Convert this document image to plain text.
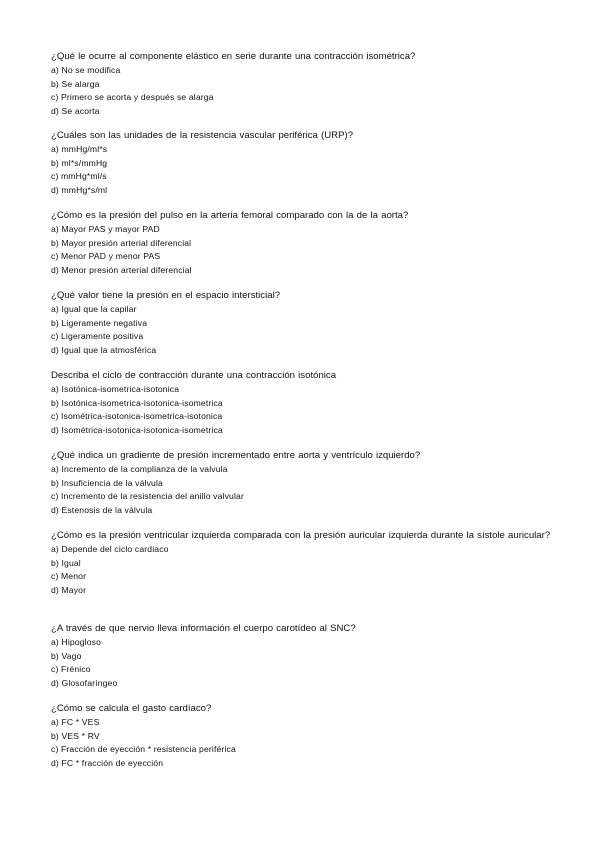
¿Qué le ocurre al componente elástico en serie durante una contracción isométrica?

a) No se modifica
b) Se alarga
c) Primero se acorta y después se alarga
d) Se acorta

¿Cuáles son las unidades de la resistencia vascular periférica (URP)?

a) mmHg/ml*s
b) ml*s/mmHg
c) mmHg*ml/s
d) mmHg*s/ml

¿Cómo es la presión del pulso en la arteria femoral comparado con la de la aorta?

a) Mayor PAS y mayor PAD
b) Mayor presión arterial diferencial
c) Menor PAD y menor PAS
d) Menor presión arterial diferencial

¿Qué valor tiene la presión en el espacio intersticial?

a) Igual que la capilar
b) Ligeramente negativa
c) Ligeramente positiva
d) Igual que la atmosférica

Describa el ciclo de contracción durante una contracción isotónica

a) Isotónica-isometrica-isotonica
b) Isotónica-isometrica-isotonica-isometrica
c) Isométrica-isotonica-isometrica-isotonica
d) Isométrica-isotonica-isotonica-isometrica

¿Qué indica un gradiente de presión incrementado entre aorta y ventrículo izquierdo?

a) Incremento de la complianza de la valvula
b) Insuficiencia de la válvula
c) Incremento de la resistencia del anillo valvular
d) Estenosis de la válvula

¿Cómo es la presión ventricular izquierda comparada con la presión auricular izquierda durante la sístole auricular?

a) Depende del ciclo cardiaco
b) Igual
c) Menor
d) Mayor

¿A través de que nervio lleva información el cuerpo carotídeo al SNC?

a) Hipogloso
b) Vago
c) Frénico
d) Glosofaríngeo

¿Cómo se calcula el gasto cardíaco?

a) FC * VES
b) VES * RV
c) Fracción de eyección * resistencia periférica
d) FC * fracción de eyección
